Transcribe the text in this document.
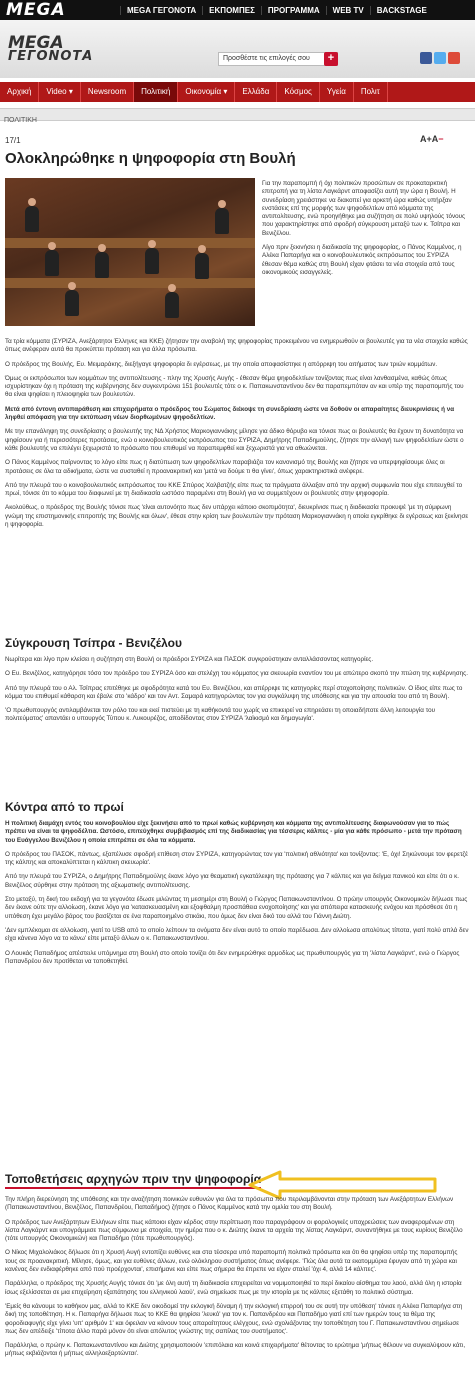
MEGA	MEGA ΓΕΓΟΝΟΤΑ	ΕΚΠΟΜΠΕΣ	ΠΡΟΓΡΑΜΜΑ	WEB TV	BACKSTAGE
MEGA
ΓΕΓΟΝΟΤΑ	Προσθέστε τις επιλογές σου	+
Αρχική	Video ▾	Newsroom	Πολιτική	Οικονομία ▾	Ελλάδα	Κόσμος	Υγεία	Πολιτ
ΠΟΛΙΤΙΚΗ
17/1	A+A−
Ολοκληρώθηκε η ψηφοφορία στη Βουλή

Για την παραπομπή ή όχι πολιτικών προσώπων σε προκαταρκτική επιτροπή για τη λίστα Λαγκάρντ αποφασίζει αυτή την ώρα η Βουλή. Η συνεδρίαση χρειάστηκε να διακοπεί για αρκετή ώρα καθώς υπήρξαν ενστάσεις επί της μορφής των ψηφοδελτίων από κόμματα της αντιπολίτευσης, ενώ προηγήθηκε μια συζήτηση σε πολύ υψηλούς τόνους που χαρακτηρίστηκε από σφοδρή σύγκρουση μεταξύ των κ. Τσίπρα και Βενιζέλου.

Λίγο πριν ξεκινήσει η διαδικασία της ψηφοφορίας, ο Πάνος Καμμένος, η Αλέκα Παπαρήγα και ο κοινοβουλευτικός εκπρόσωπος του ΣΥΡΙΖΑ έθεσαν θέμα καθώς στη Βουλή είχαν φτάσει τα νέα στοιχεία από τους οικονομικούς εισαγγελείς.

Τα τρία κόμματα (ΣΥΡΙΖΑ, Ανεξάρτητοι Έλληνες και ΚΚΕ) ζήτησαν την αναβολή της ψηφοφορίας προκειμένου να ενημερωθούν οι βουλευτές για τα νέα στοιχεία καθώς όπως ανέφεραν αυτά θα προκύπτει πρόταση και για άλλα πρόσωπα.

Ο πρόεδρος της Βουλής, Ευ. Μειμαράκης, διεξήγαγε ψηφοφορία δι εγέρσεως, με την οποία αποφασίστηκε η απόρριψη του αιτήματος των τριών κομμάτων.

Όμως οι εκπρόσωποι των κομμάτων της αντιπολίτευσης - πλην της Χρυσής Αυγής - έθεσαν θέμα ψηφοδελτίων τονίζοντας πως είναι λανθασμένα, καθώς όπως ισχυρίστηκαν όχι η πρόταση της κυβέρνησης δεν συγκεντρώνει 151 βουλευτές τότε ο κ. Παπακωνσταντίνου δεν θα παραπεμπόταν αν και υπέρ της παραπομπής του θα είναι ψηφίσει η πλειοψηφία των βουλευτών.

Μετά από έντονη αντιπαράθεση και επιχειρήματα ο πρόεδρος του Σώματος διέκοψε τη συνεδρίαση ώστε να δοθούν οι απαραίτητες διευκρινίσεις ή να ληφθεί απόφαση για την εκτύπωση νέων διορθωμένων ψηφοδελτίων.

Με την επανάληψη της συνεδρίασης ο βουλευτής της ΝΔ Χρήστος Μαρκογιαννάκης μίλησε για άδικο θόρυβο και τόνισε πως οι βουλευτές θα έχουν τη δυνατότητα να ψηφίσουν για ή περισσότερες προτάσεις, ενώ ο κοινοβουλευτικός εκπρόσωπος του ΣΥΡΙΖΑ, Δημήτρης Παπαδημούλης, ζήτησε την αλλαγή των ψηφοδελτίων ώστε ο κάθε βουλευτής να επιλέγει ξεχωριστά το πρόσωπο που επιθυμεί να παραπεμφθεί και ξεχωριστά για να αθωώνεται.

Ο Πάνος Καμμένος παίρνοντας το λόγο είπε πως η διατύπωση των ψηφοδελτίων παραβιάζει τον κανονισμό της Βουλής και ζήτησε να υπερψηφίσουμε όλες οι προτάσεις σε όλα τα αδικήματα, ώστε να συσταθεί η προανακριτική και 'μετά να δούμε τι θα γίνει', όπως χαρακτηριστικά ανέφερε.

Από την πλευρά του ο κοινοβουλευτικός εκπρόσωπος του ΚΚΕ Σπύρος Χαλβατζής είπε πως τα πράγματα άλλαξαν από την αρχική συμφωνία που είχε επιτευχθεί το πρωί, τόνισε ότι το κόμμα του διαφωνεί με τη διαδικασία ωστόσο παραμένει στη Βουλή για να συμμετέχουν οι βουλευτές στην ψηφοφορία.

Ακολούθως, ο πρόεδρος της Βουλής τόνισε πως 'είναι αυτονόητο πως δεν υπάρχει κάποιο σκοπιμότητα', διευκρίνισε πως η διαδικασία προκυψέ 'με τη σύμφωνη γνώμη της επιστημονικής επιτροπής της Βουλής και όλων', έθεσε στην κρίση των βουλευτών την πρόταση Μαρκογιαννάκη η οποία εγκρίθηκε δι εγέρσεως και ξεκίνησε η ψηφοφορία.

Σύγκρουση Τσίπρα - Βενιζέλου

Νωρίτερα και λίγο πριν κλείσει η συζήτηση στη Βουλή οι πρόεδροι ΣΥΡΙΖΑ και ΠΑΣΟΚ συγκρούστηκαν ανταλλάσσοντας κατηγορίες.

Ο Ευ. Βενιζέλος, κατηγόρησε τόσο τον πρόεδρο του ΣΥΡΙΖΑ όσο και στελέχη του κόμματος για σκευωρία εναντίον του με απώτερο σκοπό την πτώση της κυβέρνησης.

Από την πλευρά του ο Αλ. Τσίπρας επιτέθηκε με σφοδρότητα κατά του Ευ. Βενιζέλου, και απέρριψε τις κατηγορίες περί στοχοποίησης πολιτικών. Ο ίδιος είπε πως το κόμμα του επιθυμεί κάθαρση και έβαλε στο 'κάδρο' και τον Αντ. Σαμαρά κατηγορώντας τον για συγκάλυψη της υπόθεσης και για την απουσία του από τη Βουλή.

'Ο πρωθυπουργός αντιλαμβάνεται τον ρόλο του και εκεί πιστεύει με τη καθήκοντά του χωρίς να επικειρεί να επηρεάσει τη οποιαδήποτε άλλη λειτουργία του πολιτεύματος' απαντάει ο υπουργός Τύπου κ. Λυκουρέζος, αποδίδοντας στον ΣΥΡΙΖΑ 'λαϊκισμό και δημαγωγία'.

Κόντρα από το πρωί

Η πολιτική διαμάχη εντός του κοινοβουλίου είχε ξεκινήσει από το πρωί καθώς κυβέρνηση και κόμματα της αντιπολίτευσης διαφωνούσαν για το πώς πρέπει να είναι τα ψηφοδέλτια. Ωστόσο, επιτεύχθηκε συμβιβασμός επί της διαδικασίας για τέσσερις κάλπες - μία για κάθε πρόσωπο - μετά την πρόταση του Ευάγγελου Βενιζέλου η οποία επιτρέπει σε όλα τα κόμματα.

Ο πρόεδρος του ΠΑΣΟΚ, πάντως, εξαπέλυσε σφοδρή επίθεση στον ΣΥΡΙΖΑ, κατηγορώντας τον για 'πολιτική αθλιότητα' και τονίζοντας: 'Ε, όχι! Σηκώνουμε τον φερετζέ της κάλπης και αποκαλύπτεται η κάλπικη σκευωρία'.

Από την πλευρά του ΣΥΡΙΖΑ, ο Δημήτρης Παπαδημούλης έκανε λόγο για θεαματική εγκατάλειψη της πρότασης για 7 κάλπες και για δείγμα πανικού και είπε ότι ο κ. Βενιζέλος σύρθηκε στην πρόταση της αξιωματικής αντιπολίτευσης.

Στο μεταξύ, τη δική του εκδοχή για τα γεγονότα έδωσε μιλώντας τη μεσημέρι στη Βουλή ο Γιώργος Παπακωνσταντίνου. Ο πρώην υπουργός Οικονομικών δήλωσε πως δεν έκανε ούτε την αλλοίωση, έκανε λόγο για 'κατασκευασμένη και εξοφθαλμη προσπάθεια ενοχοποίησης' και για απόπειρα κατασκευής ενόχου και πρόσθεσε ότι η υπόθεση έχει μεγάλο βάρος του βασίζεται σε ένα παραποιημένο στικάκι, που όμως δεν είναι δικό του αλλά του Γιάννη Διώτη.

'Δεν εμπλέκομαι σε αλλοίωση, γιατί το USB από το οποίο λείπουν τα ονόματα δεν είναι αυτό το οποίο παρέδωσα. Δεν αλλοίωσα απολύτως τίποτα, γιατί πολύ απλά δεν είχα κάνενα λόγο να το κάνω' είπε μεταξύ άλλων ο κ. Παπακωνσταντίνου.

Ο Λουκάς Παπαδήμος απέστειλε υπόμνημα στη Βουλή στο οποίο τονίζει ότι δεν ενημερώθηκε αρμοδίως ως πρωθυπουργός για τη 'λίστα Λαγκάρντ', ενώ ο Γιώργος Παπανδρέου δεν προτίθεται να τοποθετηθεί.

Τοποθετήσεις αρχηγών πριν την ψηφοφορία

Την πλήρη διερεύνηση της υπόθεσης και την αναζήτηση ποινικών ευθυνών για όλα τα πρόσωπα που περιλαμβάνονται στην πρόταση των Ανεξάρτητων Ελλήνων (Παπακωνσταντίνου, Βενιζέλος, Παπανδρέου, Παπαδήμος) ζήτησε ο Πάνος Καμμένος κατά την ομιλία του στη Βουλή.

Ο πρόεδρος των Ανεξάρτητων Ελλήνων είπε πως κάποιοι είχαν κέρδος στην περίπτωση που παραγράφουν οι φορολογικές υποχρεώσεις των αναφερομένων στη λίστα Λαγκάρντ και υπογράμμισε πως σύμφωνα με στοιχεία, την ημέρα που ο κ. Διώτης έκανε τα αρχεία της λίστας Λαγκάρντ, συναντήθηκε με τους κυρίους Βενιζέλο (τότε υπουργός Οικονομικών) και Παπαδήμο (τότε πρωθυπουργός).

Ο Νίκος Μιχαλολιάκος δήλωσε ότι η Χρυσή Αυγή εντοπίζει ευθύνες και στα τέσσερα υπό παραπομπή πολιτικά πρόσωπα και ότι θα ψηφίσει υπέρ της παραπομπής τους σε προανακριτική. Μίλησε, όμως, και για ευθύνες άλλων, ενώ ολόκληρου συστήματος όπως ανέφερε. 'Πώς όλα αυτά τα εκατομμύρια έφυγαν από τη χώρα και κανένας δεν ενδιαφέρθηκε από πού προέρχονται', επισήμανε και είπε πως σήμερα θα έπρεπε να είχαν σταλεί 'όχι 4, αλλά 14 κάλπες'.

Παράλληλα, ο πρόεδρος της Χρυσής Αυγής τόνισε ότι 'με όλη αυτή τη διαδικασία επιχειρείται να νομιμοποιηθεί το περί δικαίου αίσθημα του λαού, αλλά όλη η ιστορία ίσως εξελίσσεται σε μια επιχείρηση εξαπάτησης του ελληνικού λαού', ενώ σημείωσε πως με την ιστορία με τις κάλπες εξετάθη το πολιτικό σύστημα.

'Εμείς θα κάνουμε το καθήκον μας, αλλά το ΚΚΕ δεν οικοδομεί την εκλογική δύναμη ή την εκλογική επιρροή του σε αυτή την υπόθεση' τόνισε η Αλέκα Παπαρήγα στη δική της τοποθέτηση. Η κ. Παπαρήγα δήλωσε πως το ΚΚΕ θα ψηφίσει 'λευκό' για τον κ. Παπανδρέου και Παπαδήμο γιατί επί των ημερών τους τα θέμα της φοροδιαφυγής είχε γίνει 'υπ' αριθμόν 1' και όφειλαν να κάνουν τους απαραίτητους ελέγχους, ενώ σχολιάζοντας την τοποθέτηση του Γ. Παπακωνσταντίνου σημείωσε πως δεν απέδειξε 'τίποτα άλλο παρά μόνον ότι είναι απόλυτος γνώστης της σαπίλας του συστήματος'.

Παράλληλα, ο πρώην κ. Παπακωνσταντίνου και Διώτης χρησιμοποιούν 'επιπόλαια και κοινά επιχειρήματα' θέτοντας το ερώτημα 'μήπως θέλουν να συγκαλύψουν κάτι, μήπως εκβιάζονται ή μήπως αλληλοεξαρτώνται'.
